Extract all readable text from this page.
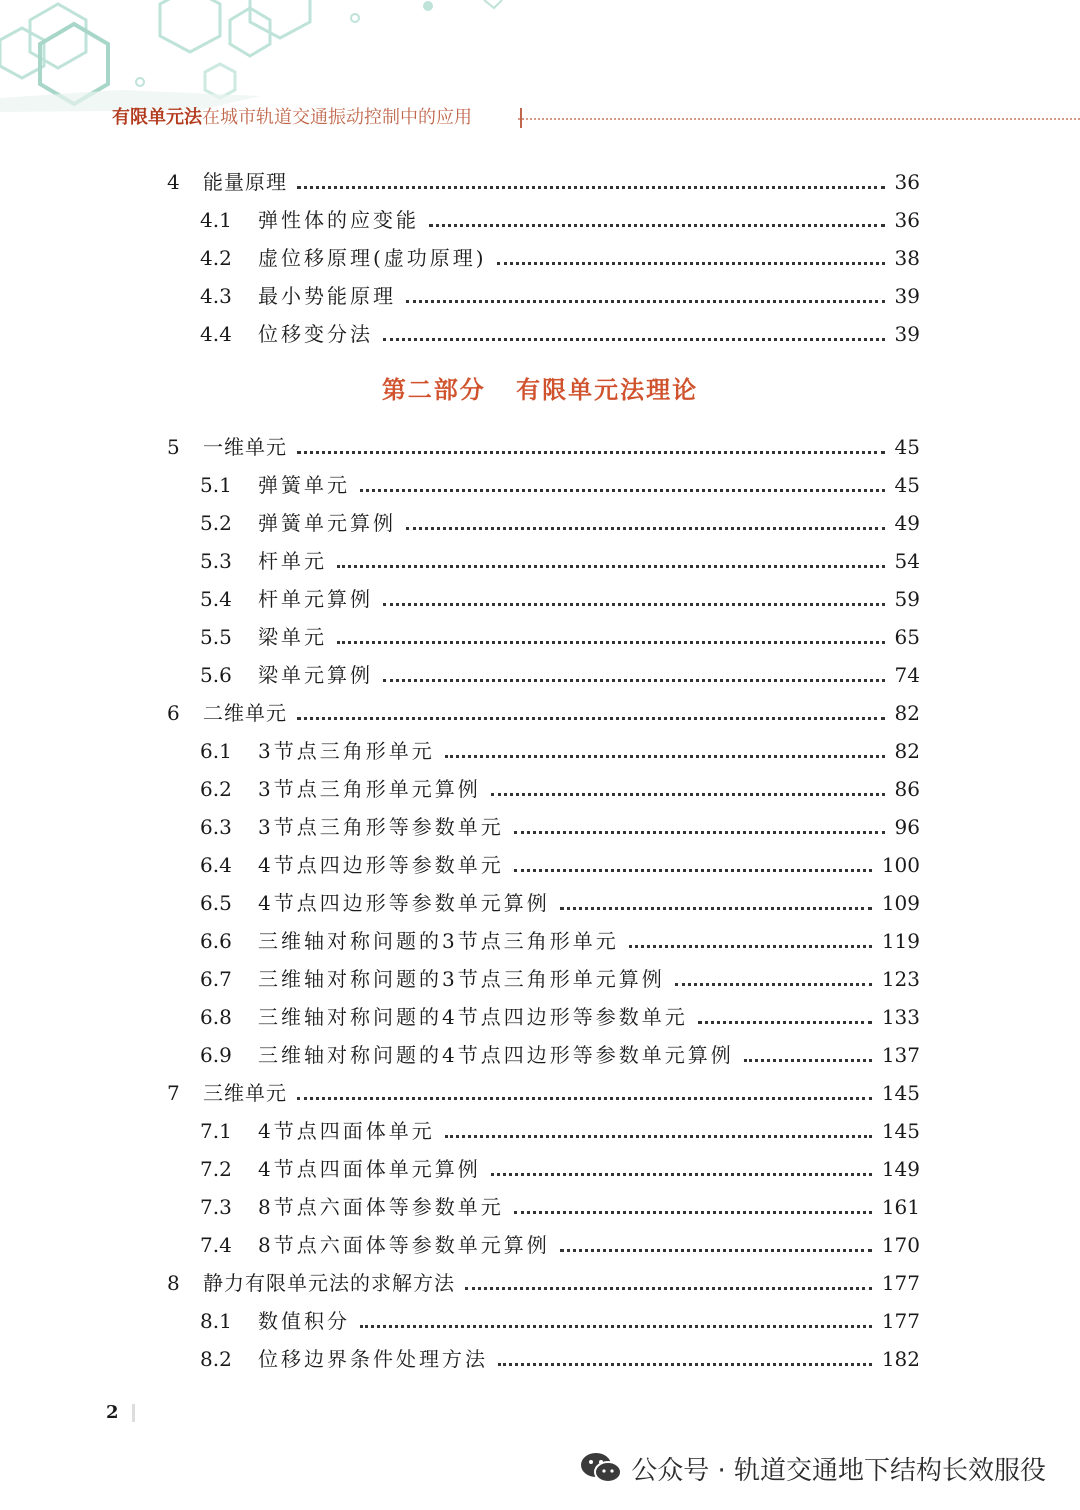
有限单元法在城市轨道交通振动控制中的应用
4 能量原理	36
4.1 弹性体的应变能	36
4.2 虚位移原理(虚功原理)	38
4.3 最小势能原理	39
4.4 位移变分法	39
第二部分 有限单元法理论
5 一维单元	45
5.1 弹簧单元	45
5.2 弹簧单元算例	49
5.3 杆单元	54
5.4 杆单元算例	59
5.5 梁单元	65
5.6 梁单元算例	74
6 二维单元	82
6.1 3节点三角形单元	82
6.2 3节点三角形单元算例	86
6.3 3节点三角形等参数单元	96
6.4 4节点四边形等参数单元	100
6.5 4节点四边形等参数单元算例	109
6.6 三维轴对称问题的3节点三角形单元	119
6.7 三维轴对称问题的3节点三角形单元算例	123
6.8 三维轴对称问题的4节点四边形等参数单元	133
6.9 三维轴对称问题的4节点四边形等参数单元算例	137
7 三维单元	145
7.1 4节点四面体单元	145
7.2 4节点四面体单元算例	149
7.3 8节点六面体等参数单元	161
7.4 8节点六面体等参数单元算例	170
8 静力有限单元法的求解方法	177
8.1 数值积分	177
8.2 位移边界条件处理方法	182
2
公众号 · 轨道交通地下结构长效服役
